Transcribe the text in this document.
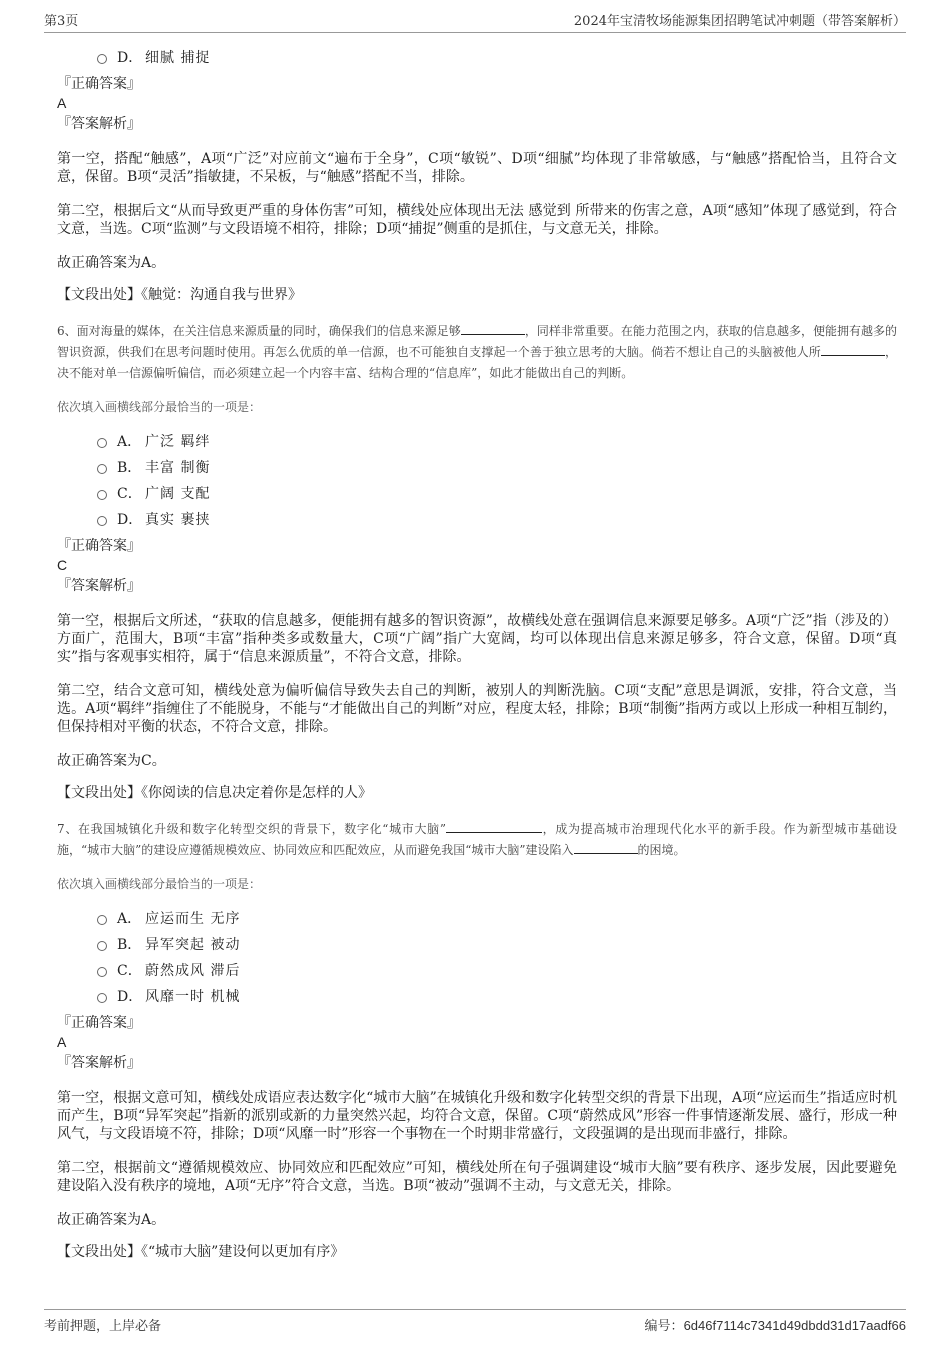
第3页	2024年宝清牧场能源集团招聘笔试冲刺题（带答案解析）
D． 细腻 捕捉

『正确答案』

A

『答案解析』

第一空，搭配“触感”，A项“广泛”对应前文“遍布于全身”，C项“敏锐”、D项“细腻”均体现了非常敏感，与“触感”搭配恰当，且符合文意，保留。B项“灵活”指敏捷，不呆板，与“触感”搭配不当，排除。

第二空，根据后文“从而导致更严重的身体伤害”可知，横线处应体现出无法 感觉到 所带来的伤害之意，A项“感知”体现了感觉到，符合文意，当选。C项“监测”与文段语境不相符，排除；D项“捕捉”侧重的是抓住，与文意无关，排除。

故正确答案为A。

【文段出处】《触觉：沟通自我与世界》

6、面对海量的媒体，在关注信息来源质量的同时，确保我们的信息来源足够	，同样非常重要。在能力范围之内，获取的信息越多，便能拥有越多的智识资源，供我们在思考问题时使用。再怎么优质的单一信源，也不可能独自支撑起一个善于独立思考的大脑。倘若不想让自己的头脑被他人所	，决不能对单一信源偏听偏信，而必须建立起一个内容丰富、结构合理的“信息库”，如此才能做出自己的判断。

依次填入画横线部分最恰当的一项是：

A． 广泛 羁绊
B． 丰富 制衡
C． 广阔 支配
D． 真实 裹挟

『正确答案』

C

『答案解析』

第一空，根据后文所述，“获取的信息越多，便能拥有越多的智识资源”，故横线处意在强调信息来源要足够多。A项“广泛”指（涉及的）方面广，范围大，B项“丰富”指种类多或数量大，C项“广阔”指广大宽阔，均可以体现出信息来源足够多，符合文意，保留。D项“真实”指与客观事实相符，属于“信息来源质量”，不符合文意，排除。

第二空，结合文意可知，横线处意为偏听偏信导致失去自己的判断，被别人的判断洗脑。C项“支配”意思是调派，安排，符合文意，当选。A项“羁绊”指缠住了不能脱身，不能与“才能做出自己的判断”对应，程度太轻，排除；B项“制衡”指两方或以上形成一种相互制约，但保持相对平衡的状态，不符合文意，排除。

故正确答案为C。

【文段出处】《你阅读的信息决定着你是怎样的人》

7、在我国城镇化升级和数字化转型交织的背景下，数字化“城市大脑”	，成为提高城市治理现代化水平的新手段。作为新型城市基础设施，“城市大脑”的建设应遵循规模效应、协同效应和匹配效应，从而避免我国“城市大脑”建设陷入	的困境。

依次填入画横线部分最恰当的一项是：

A． 应运而生 无序
B． 异军突起 被动
C． 蔚然成风 滞后
D． 风靡一时 机械

『正确答案』

A

『答案解析』

第一空，根据文意可知，横线处成语应表达数字化“城市大脑”在城镇化升级和数字化转型交织的背景下出现，A项“应运而生”指适应时机而产生，B项“异军突起”指新的派别或新的力量突然兴起，均符合文意，保留。C项“蔚然成风”形容一件事情逐渐发展、盛行，形成一种风气，与文段语境不符，排除；D项“风靡一时”形容一个事物在一个时期非常盛行，文段强调的是出现而非盛行，排除。

第二空，根据前文“遵循规模效应、协同效应和匹配效应”可知，横线处所在句子强调建设“城市大脑”要有秩序、逐步发展，因此要避免建设陷入没有秩序的境地，A项“无序”符合文意，当选。B项“被动”强调不主动，与文意无关，排除。

故正确答案为A。

【文段出处】《“城市大脑”建设何以更加有序》

考前押题，上岸必备	编号：6d46f7114c7341d49dbdd31d17aadf66
